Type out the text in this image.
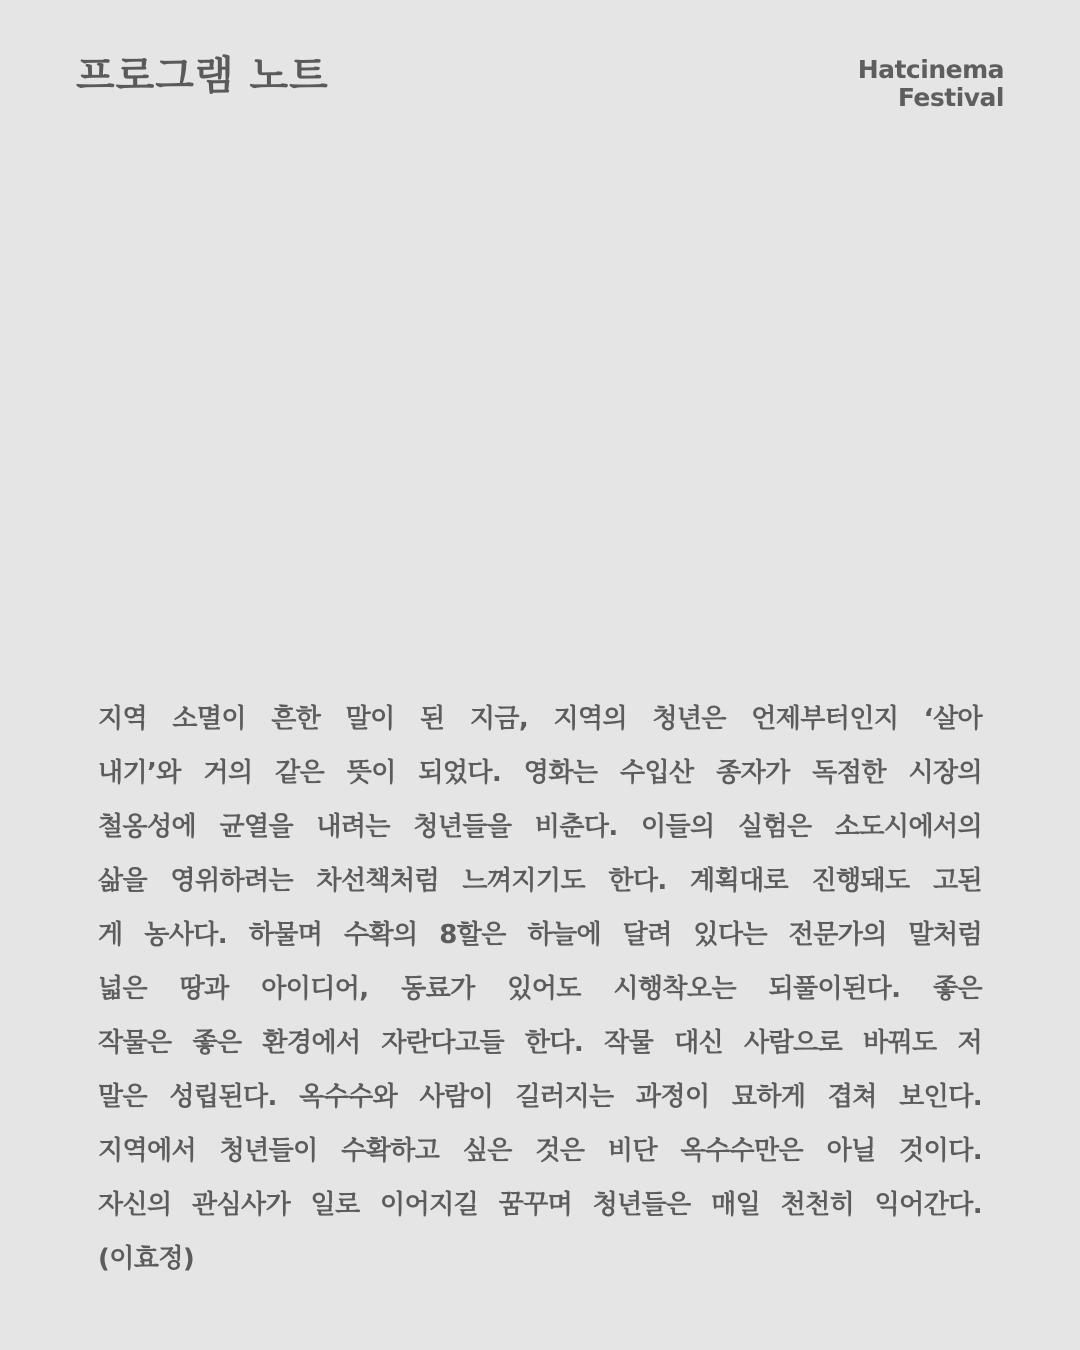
프로그램 노트	Hatcinema
Festival
지역 소멸이 흔한 말이 된 지금, 지역의 청년은 언제부터인지 ‘살아
내기’와 거의 같은 뜻이 되었다. 영화는 수입산 종자가 독점한 시장의
철옹성에 균열을 내려는 청년들을 비춘다. 이들의 실험은 소도시에서의
삶을 영위하려는 차선책처럼 느껴지기도 한다. 계획대로 진행돼도 고된
게 농사다. 하물며 수확의 8할은 하늘에 달려 있다는 전문가의 말처럼
넓은 땅과 아이디어, 동료가 있어도 시행착오는 되풀이된다. 좋은
작물은 좋은 환경에서 자란다고들 한다. 작물 대신 사람으로 바꿔도 저
말은 성립된다. 옥수수와 사람이 길러지는 과정이 묘하게 겹쳐 보인다.
지역에서 청년들이 수확하고 싶은 것은 비단 옥수수만은 아닐 것이다.
자신의 관심사가 일로 이어지길 꿈꾸며 청년들은 매일 천천히 익어간다.
(이효정)
